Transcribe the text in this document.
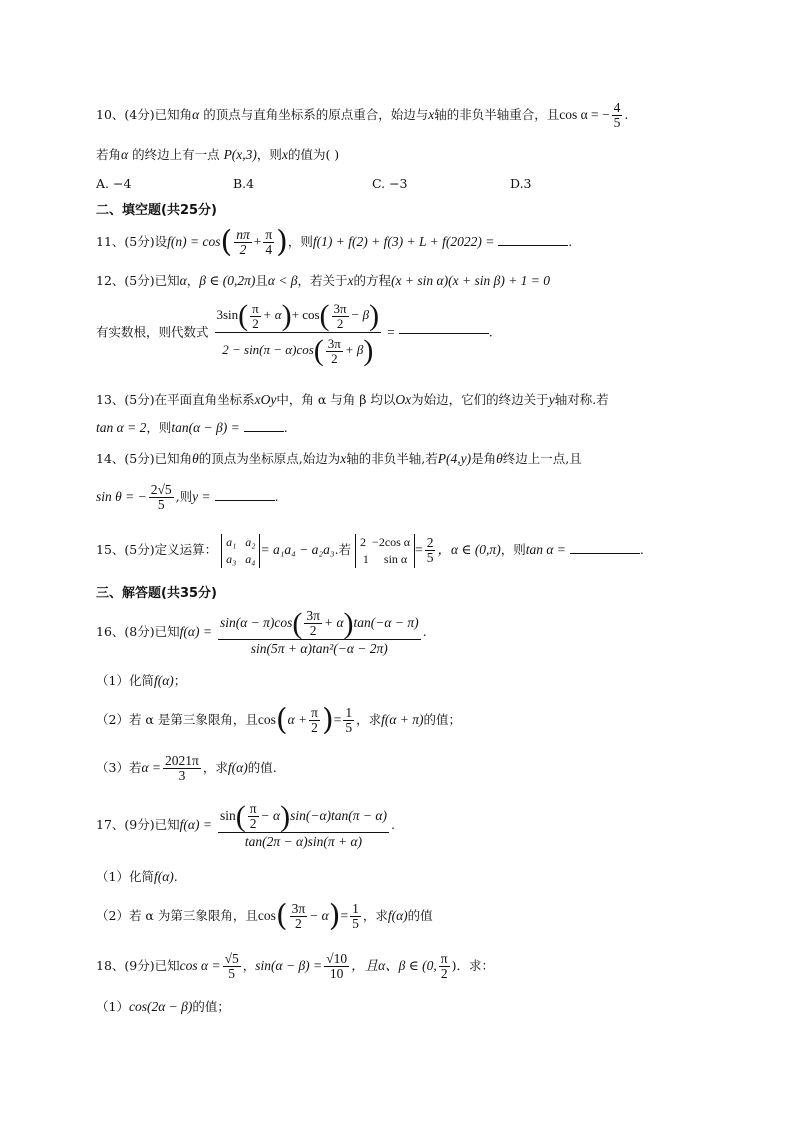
10、(4分)已知角α 的顶点与直角坐标系的原点重合，始边与x轴的非负半轴重合，且cos α = − $\frac{4}{5}$ .
若角α 的终边上有一点 P(x,3)，则x的值为( )
A. −4	B.4	C. −3	D.3
二、填空题(共25分)
11、(5分)设$f(n) = \cos( \frac{n\pi}{2} + \frac{\pi}{4}$ )，则f(1) + f(2) + f(3) + L + f(2022) =	.
12、(5分)已知α，β ∈ (0,2π)且α < β，若关于x的方程(x + sin α)(x + sin β) + 1 = 0
有实数根，则代数式 $\frac{3\sin( \frac{\pi}{2} + \alpha)+ \cos( \frac{3\pi}{2} - \beta)}{2 - \sin(\pi - \alpha)\cos( \frac{3\pi}{2} + \beta)}$ =	.
13、(5分)在平面直角坐标系xOy中，角 α 与角 β 均以Ox为始边，它们的终边关于y轴对称.若
tan α = 2，则tan(α − β) =	.
14、(5分)已知角θ的顶点为坐标原点,始边为x轴的非负半轴,若P(4,y)是角θ终边上一点,且
sin θ = − $\frac{2√5}{5}$ ,则y =	.
15、(5分)定义运算：
a₁ a₂
a₃ a₄
= a₁a₄ − a₂a₃.若
2 −2cos α
1 sin α
= $\frac{2}{5}$ ，α ∈ (0,π)，则tan α =	.
三、解答题(共35分)
16、(8分)已知$f(\alpha) = \frac{\sin(\alpha - \pi)\cos( \frac{3\pi}{2} + \alpha)\tan(-\alpha - \pi)}{\text{sin(5π + α)tan²(−α − 2π)}}$ .
（1）化简f(α)；
（2）若 α 是第三象限角，且$\cos(\alpha + \frac{\pi}{2}$ )= $\frac{1}{5}$ ，求f(α + π)的值；
（3）若$\alpha = \frac{2021\pi}{3}$ ，求f(α)的值.
17、(9分)已知$f(\alpha) = \frac{\sin( \frac{\pi}{2} - \alpha)\sin(-\alpha)\tan(\pi - \alpha)}{\tan(2\pi - \alpha)\sin(\pi + \alpha)}$ .
（1）化简f(α).
（2）若 α 为第三象限角，且$\cos( \frac{3\pi}{2} - \alpha)= \frac{1}{5}$ ，求f(α)的值
18、(9分)已知$\cos \alpha = \frac{√5}{5}$ ，$\sin(\alpha - \beta) = \frac{√10}{10}$ ，且α、β ∈ (0, $\frac{\pi}{2}$ )．求：
（1）cos(2α − β)的值；
